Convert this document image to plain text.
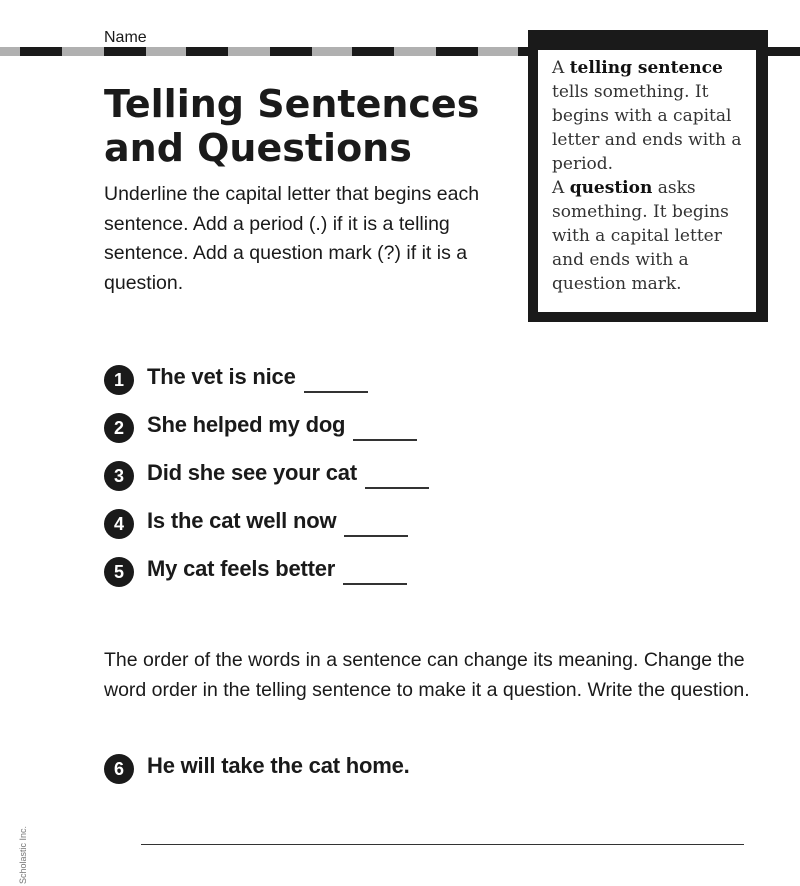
Name
Telling Sentences
and Questions

Underline the capital letter that begins each sentence. Add a period (.) if it is a telling sentence. Add a question mark (?) if it is a question.

A telling sentence tells something. It begins with a capital letter and ends with a period.
A question asks something. It begins with a capital letter and ends with a question mark.
1	The vet is nice
2	She helped my dog
3	Did she see your cat
4	Is the cat well now
5	My cat feels better

The order of the words in a sentence can change its meaning. Change the word order in the telling sentence to make it a question. Write the question.

6	He will take the cat home.
Scholastic Inc.
